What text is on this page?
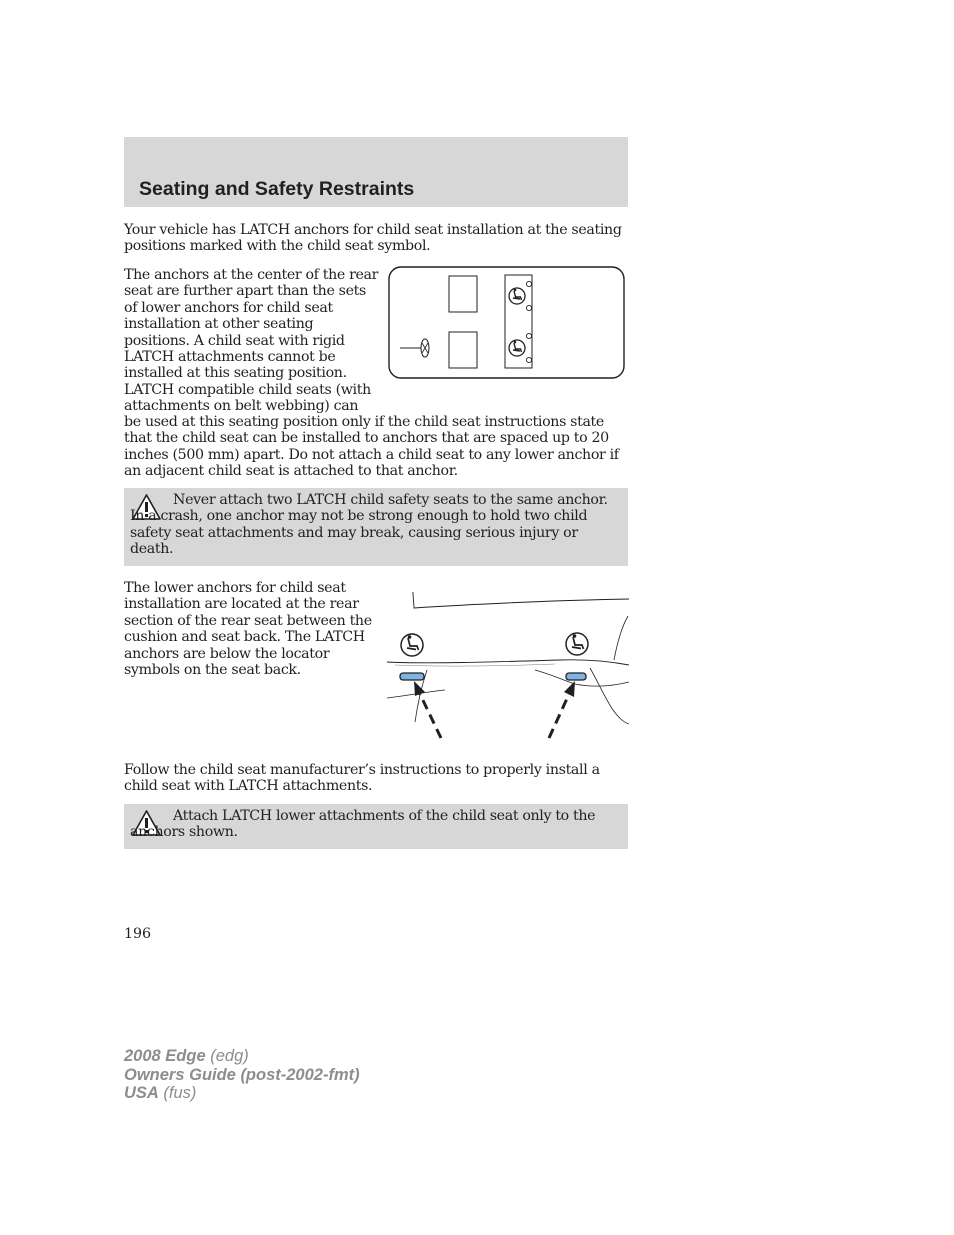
Seating and Safety Restraints

Your vehicle has LATCH anchors for child seat installation at the seating positions marked with the child seat symbol.

The anchors at the center of the rear seat are further apart than the sets of lower anchors for child seat installation at other seating positions. A child seat with rigid LATCH attachments cannot be installed at this seating position. LATCH compatible child seats (with attachments on belt webbing) can

be used at this seating position only if the child seat instructions state that the child seat can be installed to anchors that are spaced up to 20 inches (500 mm) apart. Do not attach a child seat to any lower anchor if an adjacent child seat is attached to that anchor.

Never attach two LATCH child safety seats to the same anchor. In a crash, one anchor may not be strong enough to hold two child safety seat attachments and may break, causing serious injury or death.

The lower anchors for child seat installation are located at the rear section of the rear seat between the cushion and seat back. The LATCH anchors are below the locator symbols on the seat back.

Follow the child seat manufacturer’s instructions to properly install a child seat with LATCH attachments.

Attach LATCH lower attachments of the child seat only to the anchors shown.

196

2008 Edge (edg)
Owners Guide (post-2002-fmt)
USA (fus)
